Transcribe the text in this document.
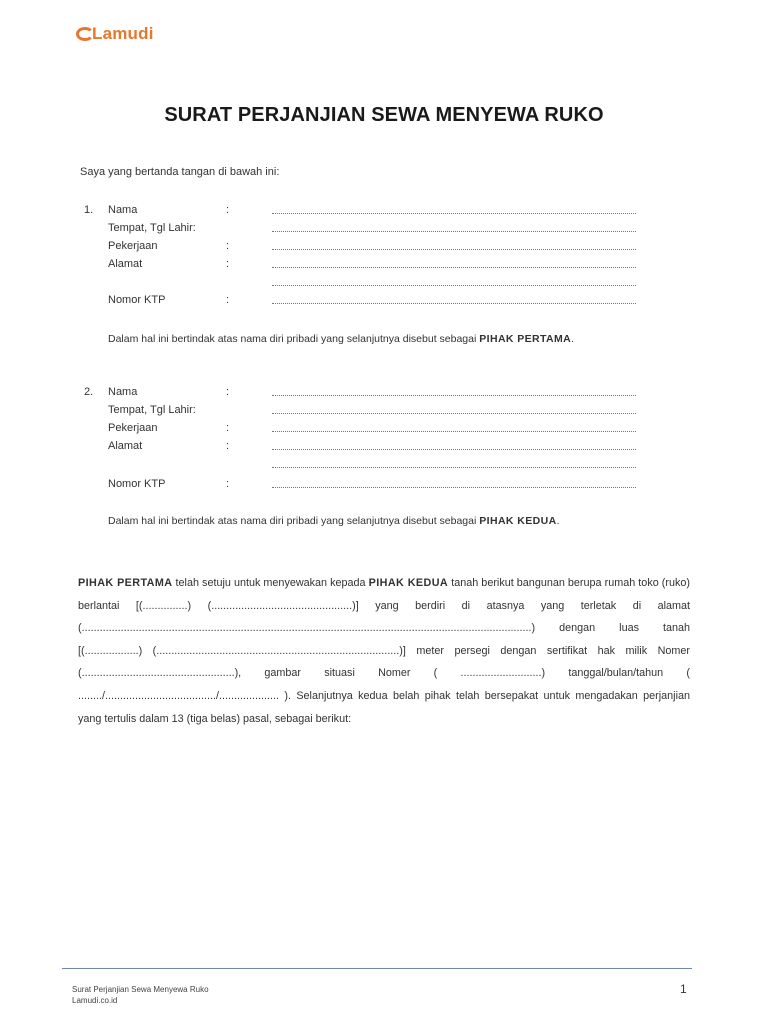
Lamudi
SURAT PERJANJIAN SEWA MENYEWA RUKO
Saya yang bertanda tangan di bawah ini:
1. Nama	:
Tempat, Tgl Lahir:
Pekerjaan	:
Alamat	:
Nomor KTP	:
Dalam hal ini bertindak atas nama diri pribadi yang selanjutnya disebut sebagai PIHAK PERTAMA.
2. Nama	:
Tempat, Tgl Lahir:
Pekerjaan	:
Alamat	:
Nomor KTP	:
Dalam hal ini bertindak atas nama diri pribadi yang selanjutnya disebut sebagai PIHAK KEDUA.
PIHAK PERTAMA telah setuju untuk menyewakan kepada PIHAK KEDUA tanah berikut bangunan berupa rumah toko (ruko) berlantai [(...............) (...............................................)] yang berdiri di atasnya yang terletak di alamat (......................................................................................................................................................) dengan luas tanah [(..................) (.................................................................................)] meter persegi dengan sertifikat hak milik Nomer (...................................................), gambar situasi Nomer ( ...........................) tanggal/bulan/tahun ( ......../...................................../.................... ). Selanjutnya kedua belah pihak telah bersepakat untuk mengadakan perjanjian yang tertulis dalam 13 (tiga belas) pasal, sebagai berikut:
Surat Perjanjian Sewa Menyewa Ruko
Lamudi.co.id
1
